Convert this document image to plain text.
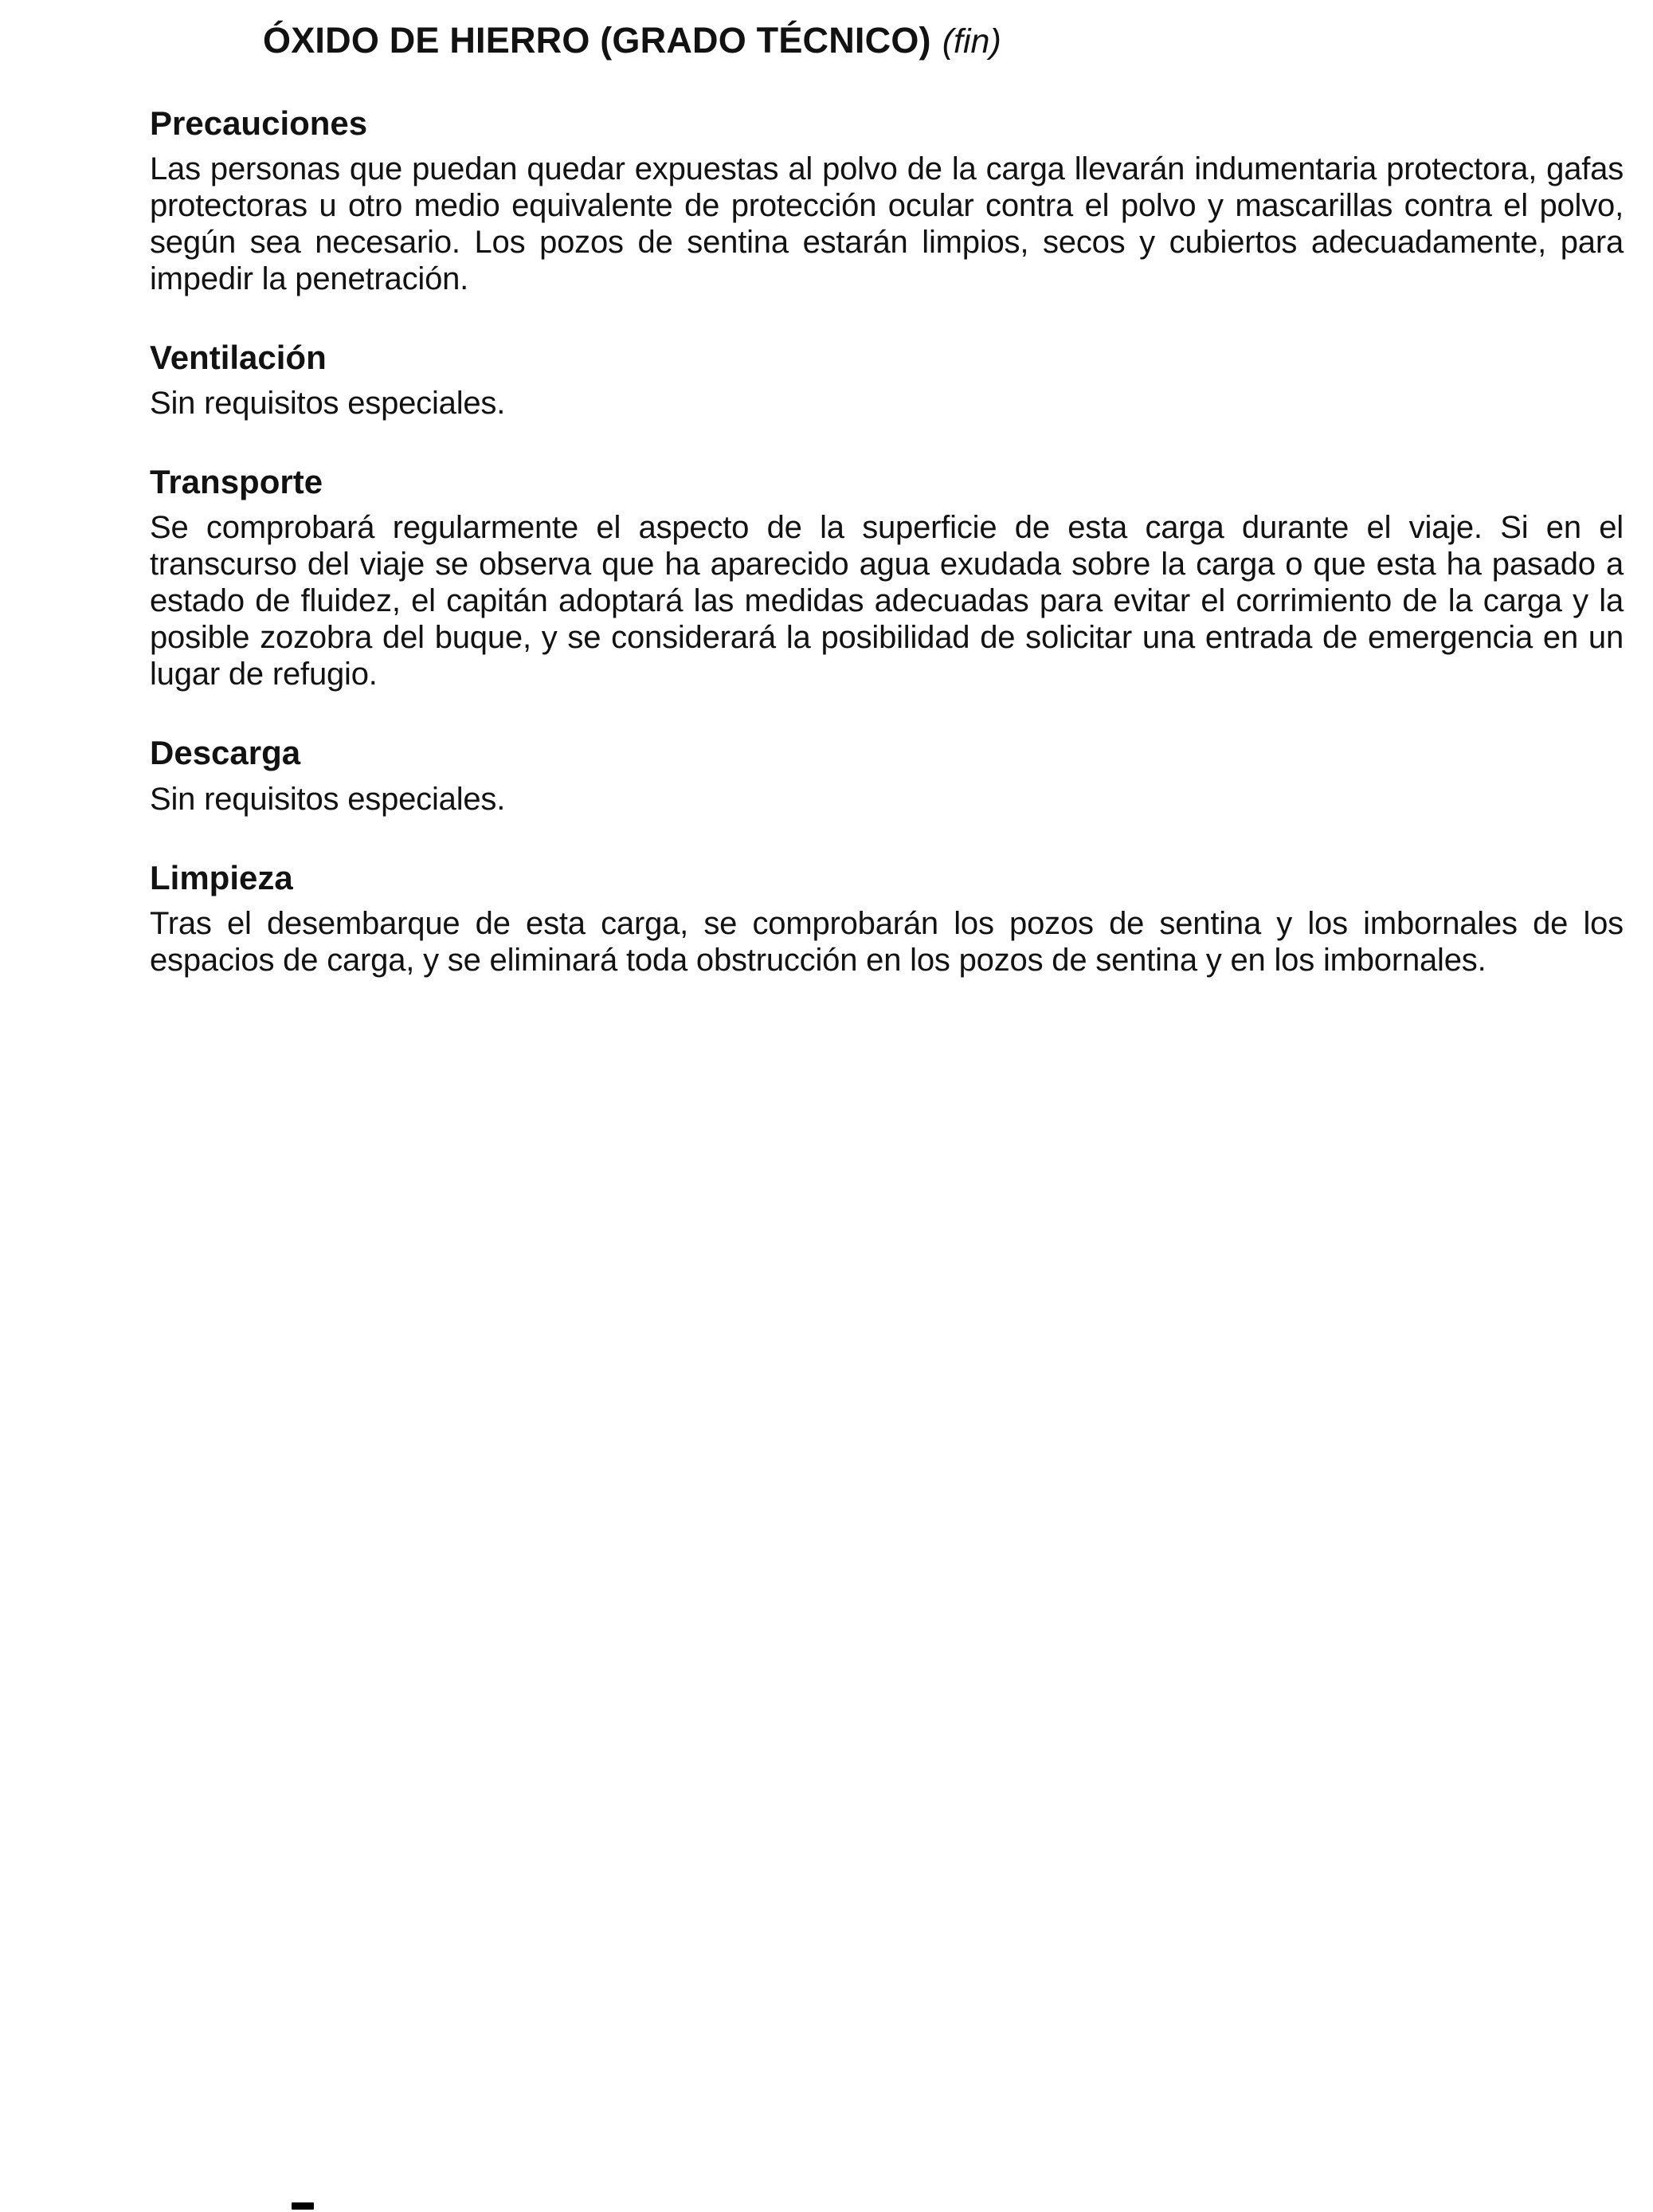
ÓXIDO DE HIERRO (GRADO TÉCNICO) (fin)
Precauciones

Las personas que puedan quedar expuestas al polvo de la carga llevarán indumentaria protectora, gafas protectoras u otro medio equivalente de protección ocular contra el polvo y mascarillas contra el polvo, según sea necesario. Los pozos de sentina estarán limpios, secos y cubiertos adecuadamente, para impedir la penetración.

Ventilación

Sin requisitos especiales.

Transporte

Se comprobará regularmente el aspecto de la superficie de esta carga durante el viaje. Si en el transcurso del viaje se observa que ha aparecido agua exudada sobre la carga o que esta ha pasado a estado de fluidez, el capitán adoptará las medidas adecuadas para evitar el corrimiento de la carga y la posible zozobra del buque, y se considerará la posibilidad de solicitar una entrada de emergencia en un lugar de refugio.

Descarga

Sin requisitos especiales.

Limpieza

Tras el desembarque de esta carga, se comprobarán los pozos de sentina y los imbornales de los espacios de carga, y se eliminará toda obstrucción en los pozos de sentina y en los imbornales.
